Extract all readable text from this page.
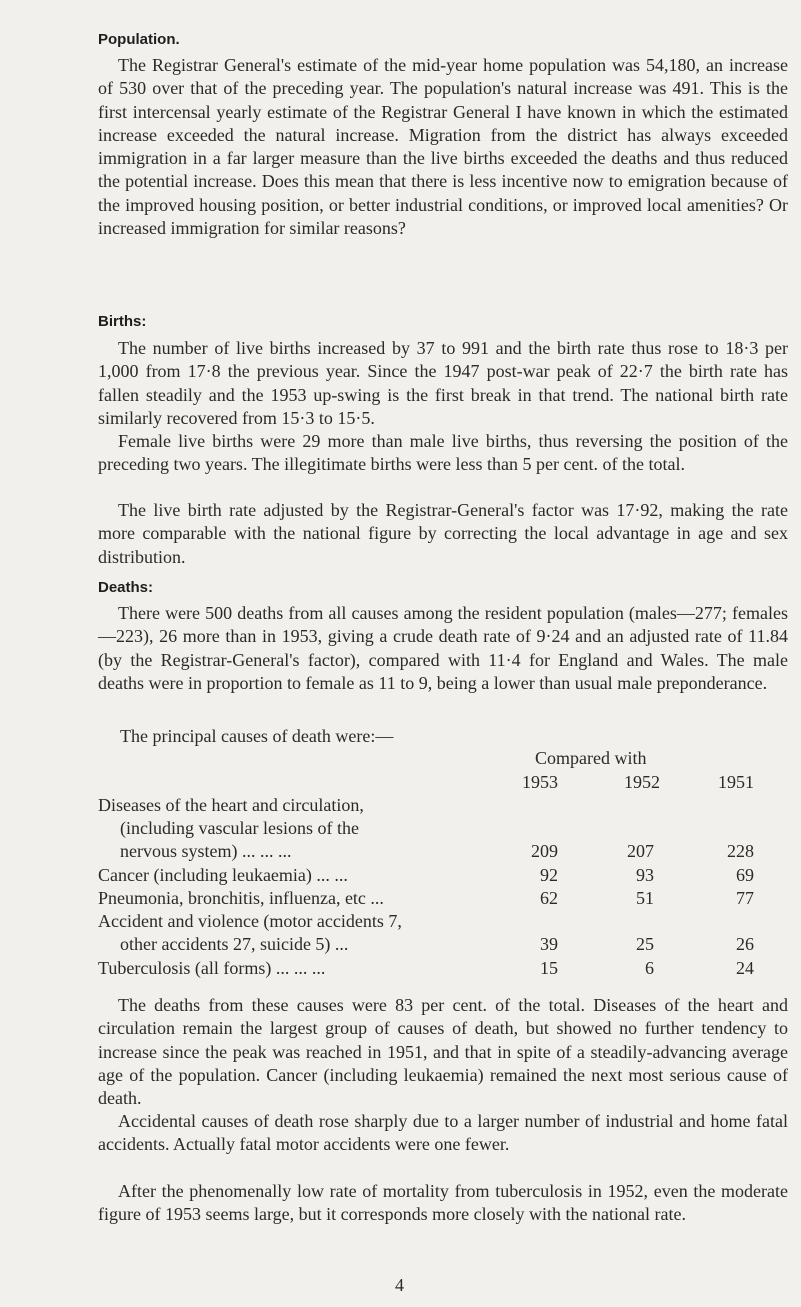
Population.

The Registrar General's estimate of the mid-year home population was 54,180, an increase of 530 over that of the preceding year. The population's natural increase was 491. This is the first intercensal yearly estimate of the Registrar General I have known in which the estimated increase exceeded the natural increase. Migration from the district has always exceeded immigration in a far larger measure than the live births exceeded the deaths and thus reduced the potential increase. Does this mean that there is less incentive now to emigration because of the improved housing position, or better industrial conditions, or improved local amenities? Or increased immigration for similar reasons?

Births:

The number of live births increased by 37 to 991 and the birth rate thus rose to 18·3 per 1,000 from 17·8 the previous year. Since the 1947 post-war peak of 22·7 the birth rate has fallen steadily and the 1953 up-swing is the first break in that trend. The national birth rate similarly recovered from 15·3 to 15·5.

Female live births were 29 more than male live births, thus reversing the position of the preceding two years. The illegitimate births were less than 5 per cent. of the total.

The live birth rate adjusted by the Registrar-General's factor was 17·92, making the rate more comparable with the national figure by correcting the local advantage in age and sex distribution.

Deaths:

There were 500 deaths from all causes among the resident population (males—277; females—223), 26 more than in 1953, giving a crude death rate of 9·24 and an adjusted rate of 11.84 (by the Registrar-General's factor), compared with 11·4 for England and Wales. The male deaths were in proportion to female as 11 to 9, being a lower than usual male preponderance.

The principal causes of death were:—
Compared with
1953	1952	1951
Diseases of the heart and circulation,
(including vascular lesions of the
nervous system) ... ... ...	209	207	228
Cancer (including leukaemia) ... ...	92	93	69
Pneumonia, bronchitis, influenza, etc ...	62	51	77
Accident and violence (motor accidents 7,
other accidents 27, suicide 5) ...	39	25	26
Tuberculosis (all forms) ... ... ...	15	6	24

The deaths from these causes were 83 per cent. of the total. Diseases of the heart and circulation remain the largest group of causes of death, but showed no further tendency to increase since the peak was reached in 1951, and that in spite of a steadily-advancing average age of the population. Cancer (including leukaemia) remained the next most serious cause of death.

Accidental causes of death rose sharply due to a larger number of industrial and home fatal accidents. Actually fatal motor accidents were one fewer.

After the phenomenally low rate of mortality from tuberculosis in 1952, even the moderate figure of 1953 seems large, but it corresponds more closely with the national rate.

4
